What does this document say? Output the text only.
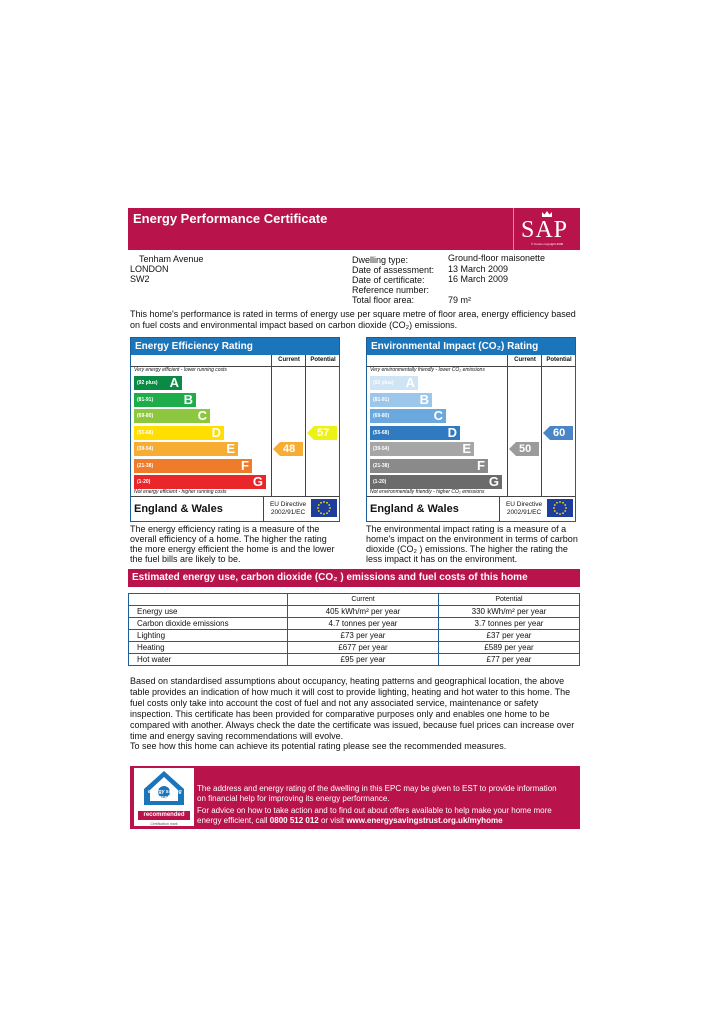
Energy Performance Certificate	SAP
© Crown copyright 2006
Tenham Avenue
LONDON
SW2
Dwelling type:	Ground-floor maisonette
Date of assessment: 13 March 2009
Date of certificate:	16 March 2009
Reference number:
Total floor area:	79 m²
This home's performance is rated in terms of energy use per square metre of floor area, energy efficiency based on fuel costs and environmental impact based on carbon dioxide (CO₂) emissions.
Energy Efficiency Rating
Current	Potential
Very energy efficient - lower running costs
(92 plus) A
(81-91) B
(69-80)	C
(55-68)	D
(39-54)	E
(21-38)	F
(1-20)	G
Not energy efficient - higher running costs
48
57
England & Wales	EU Directive
2002/91/EC
Environmental Impact (CO₂) Rating
Current	Potential
Very environmentally friendly - lower CO₂ emissions
(92 plus) A
(81-91) B
(69-80)	C
(55-68)	D
(39-54)	E
(21-38)	F
(1-20)	G
Not environmentally friendly - higher CO₂ emissions
50
60
England & Wales	EU Directive
2002/91/EC
The energy efficiency rating is a measure of the overall efficiency of a home. The higher the rating the more energy efficient the home is and the lower the fuel bills are likely to be.
The environmental impact rating is a measure of a home's impact on the environment in terms of carbon dioxide (CO₂ ) emissions. The higher the rating the less impact it has on the environment.
Estimated energy use, carbon dioxide (CO₂ ) emissions and fuel costs of this home
	Current	Potential
Energy use	405 kWh/m² per year	330 kWh/m² per year
Carbon dioxide emissions	4.7 tonnes per year	3.7 tonnes per year
Lighting	£73 per year	£37 per year
Heating	£677 per year	£589 per year
Hot water	£95 per year	£77 per year
Based on standardised assumptions about occupancy, heating patterns and geographical location, the above table provides an indication of how much it will cost to provide lighting, heating and hot water to this home. The fuel costs only take into account the cost of fuel and not any associated service, maintenance or safety inspection. This certificate has been provided for comparative purposes only and enables one home to be compared with another. Always check the date the certificate was issued, because fuel prices can increase over time and energy saving recommendations will evolve.
To see how this home can achieve its potential rating please see the recommended measures.
energy saving
trust
recommended
Certification mark
The address and energy rating of the dwelling in this EPC may be given to EST to provide information on financial help for improving its energy performance.
For advice on how to take action and to find out about offers available to help make your home more energy efficient, call 0800 512 012 or visit www.energysavingstrust.org.uk/myhome
